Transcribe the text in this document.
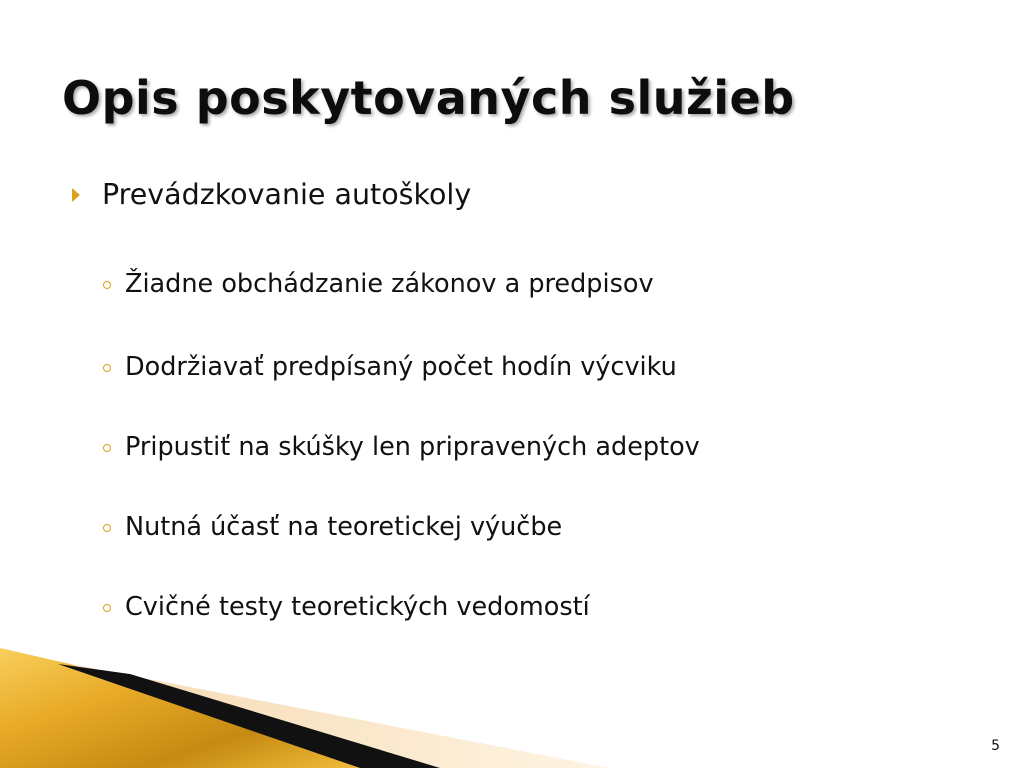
Opis poskytovaných služieb
Prevádzkovanie autoškoly
Žiadne obchádzanie zákonov a predpisov
Dodržiavať predpísaný počet hodín výcviku
Pripustiť na skúšky len pripravených adeptov
Nutná účasť na teoretickej výučbe
Cvičné testy teoretických vedomostí
5
